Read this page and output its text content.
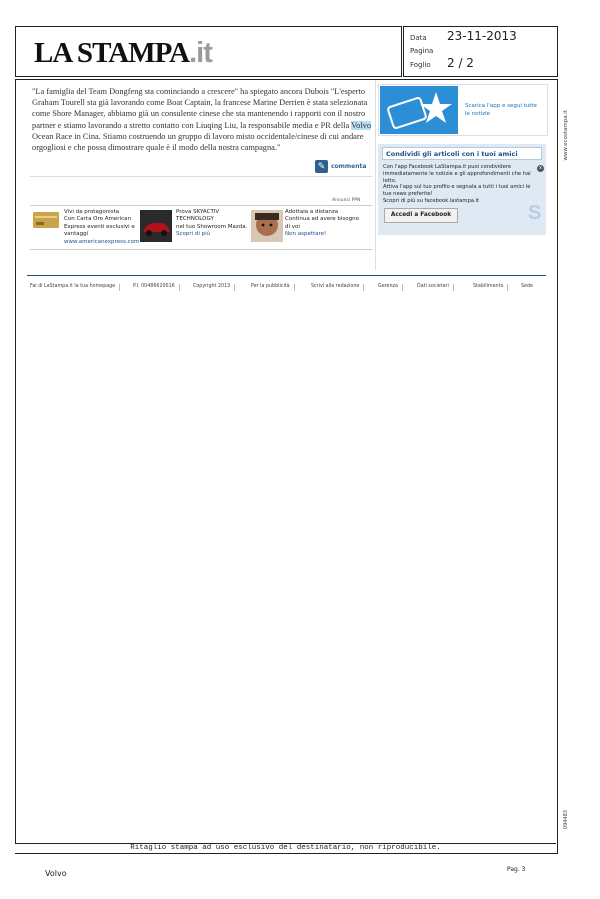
LA STAMPA.it	Data 23-11-2013
Pagina
Foglio 2 / 2
"La famiglia del Team Dongfeng sta cominciando a crescere" ha spiegato ancora Dubois "L'esperto Graham Tourell sta già lavorando come Boat Captain, la francese Marine Derrien è stata selezionata come Shore Manager, abbiamo già un consulente cinese che sta mantenendo i rapporti con il nostro partner e stiamo lavorando a stretto contatto con Liuqing Liu, la responsabile media e PR della Volvo Ocean Race in Cina. Stiamo costruendo un gruppo di lavoro misto occidentale/cinese di cui andare orgogliosi e che possa dimostrare quale è il modo della nostra campagna."
✎ commenta
Annunci PPN
Vivi da protagonista
Con Carta Oro American
Express eventi esclusivi e
vantaggi
www.americanexpress.com
Prova SKYACTIV
TECHNOLOGY
nel tuo Showroom Mazda.
Scopri di più
Adottala a distanza
Continua ad avere bisogno
di voi
Non aspettare!
Scarica l'app e segui tutte
le notizie
Condividi gli articoli con i tuoi amici
x
Con l'app Facebook LaStampa.it puoi condividere
immediatamente le notizie e gli approfondimenti che hai
letto.
Attiva l'app sul tuo profilo e segnala a tutti i tuoi amici le
tue news preferite!
Scopri di più su facebook.lastampa.it
Accedi a Facebook	S
Fai di LaStampa.it la tua homepage	P.I. 00486620016	Copyright 2013	Per la pubblicità	Scrivi alla redazione	Gerenza	Dati societari	Stabilimento	Sede
www.ecostampa.it
094483
Ritaglio stampa ad uso esclusivo del destinatario, non riproducibile.
Volvo	Pag. 3
